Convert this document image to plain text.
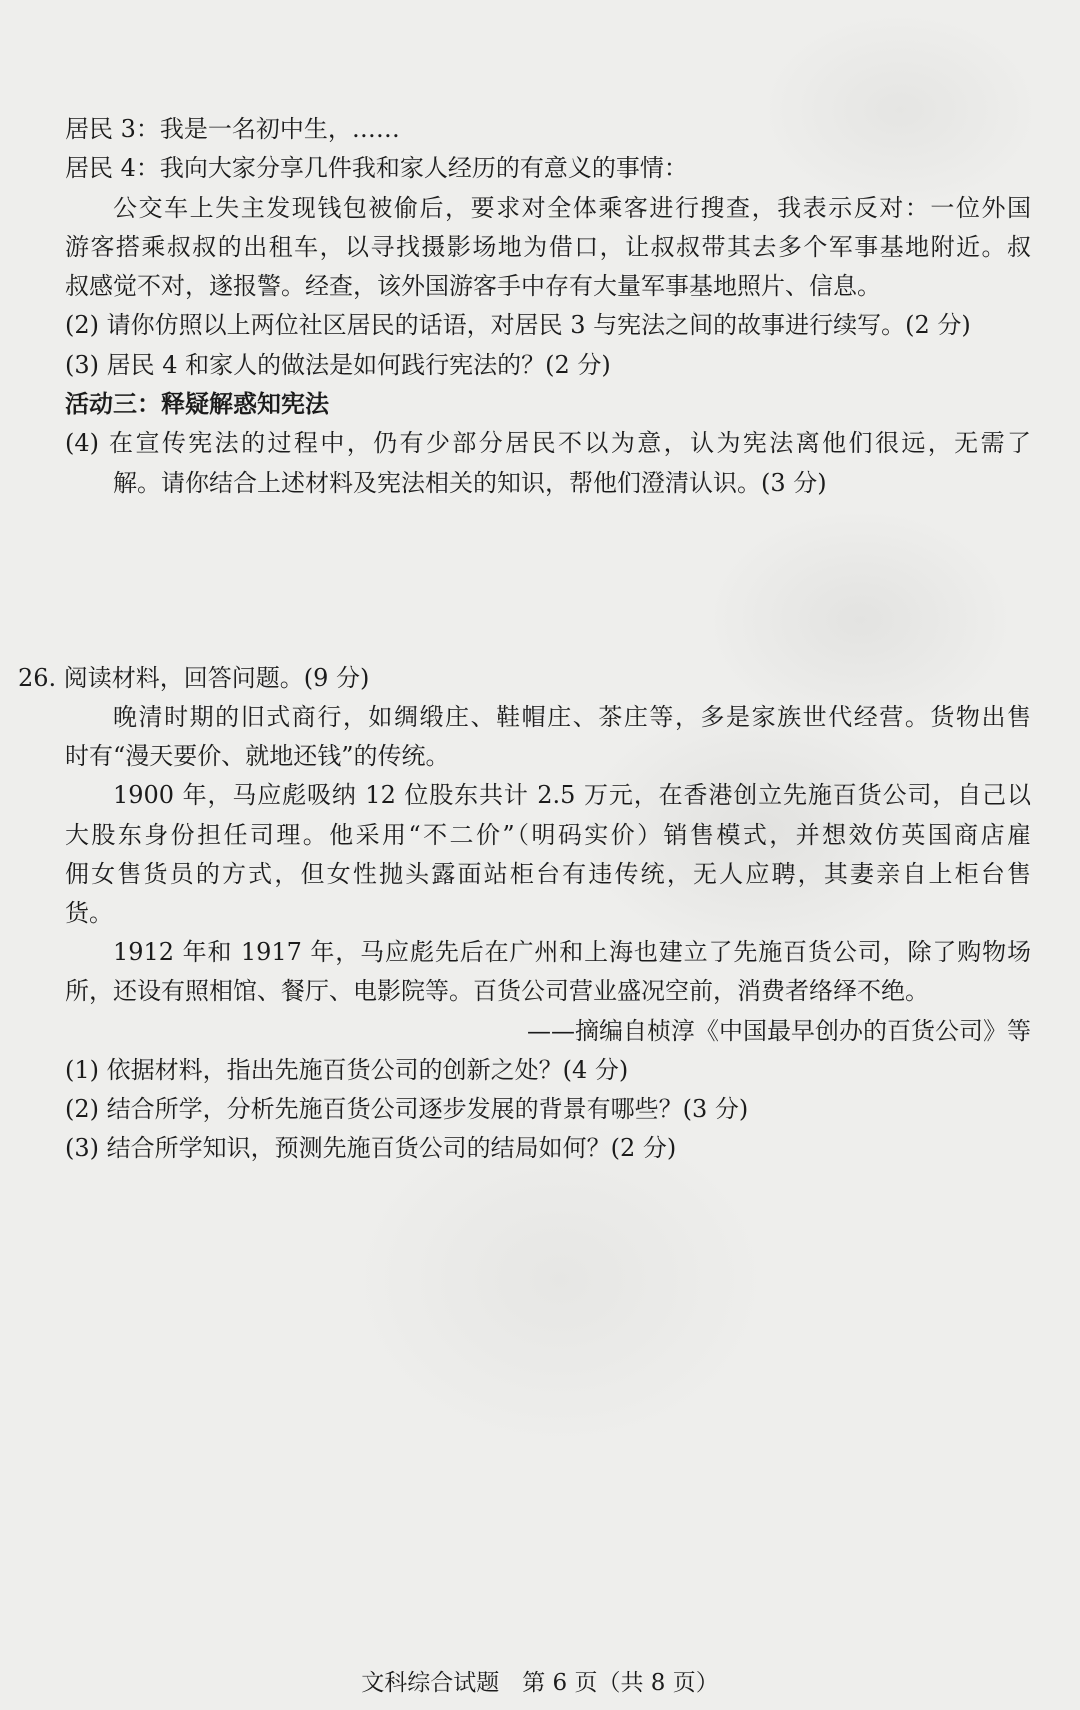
居民 3：我是一名初中生，……
居民 4：我向大家分享几件我和家人经历的有意义的事情：
公交车上失主发现钱包被偷后，要求对全体乘客进行搜查，我表示反对：一位外国
游客搭乘叔叔的出租车，以寻找摄影场地为借口，让叔叔带其去多个军事基地附近。叔
叔感觉不对，遂报警。经查，该外国游客手中存有大量军事基地照片、信息。
(2) 请你仿照以上两位社区居民的话语，对居民 3 与宪法之间的故事进行续写。(2 分)
(3) 居民 4 和家人的做法是如何践行宪法的？(2 分)
活动三：释疑解惑知宪法
(4) 在宣传宪法的过程中，仍有少部分居民不以为意，认为宪法离他们很远，无需了
解。请你结合上述材料及宪法相关的知识，帮他们澄清认识。(3 分)
26. 阅读材料，回答问题。(9 分)
晚清时期的旧式商行，如绸缎庄、鞋帽庄、茶庄等，多是家族世代经营。货物出售
时有“漫天要价、就地还钱”的传统。
1900 年，马应彪吸纳 12 位股东共计 2.5 万元，在香港创立先施百货公司，自己以
大股东身份担任司理。他采用“不二价”（明码实价）销售模式，并想效仿英国商店雇
佣女售货员的方式，但女性抛头露面站柜台有违传统，无人应聘，其妻亲自上柜台售
货。
1912 年和 1917 年，马应彪先后在广州和上海也建立了先施百货公司，除了购物场
所，还设有照相馆、餐厅、电影院等。百货公司营业盛况空前，消费者络绎不绝。
——摘编自桢淳《中国最早创办的百货公司》等
(1) 依据材料，指出先施百货公司的创新之处？(4 分)
(2) 结合所学，分析先施百货公司逐步发展的背景有哪些？(3 分)
(3) 结合所学知识，预测先施百货公司的结局如何？(2 分)
文科综合试题　第 6 页（共 8 页）
